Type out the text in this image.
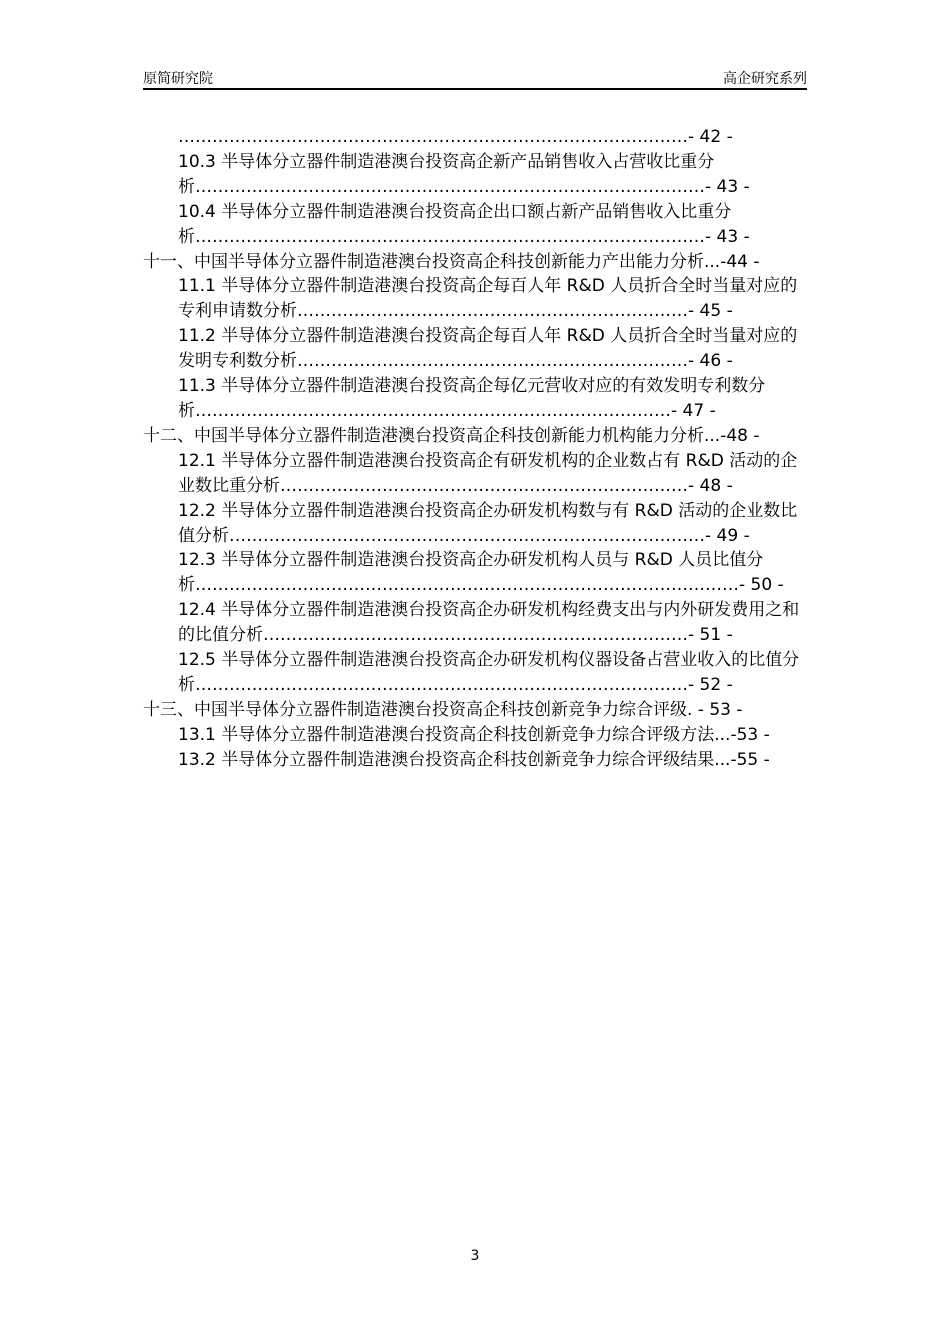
原简研究院	高企研究系列

………………………………………………………………………………- 42 -

10.3 半导体分立器件制造港澳台投资高企新产品销售收入占营收比重分析………………………………………………………………………………- 43 -

10.4 半导体分立器件制造港澳台投资高企出口额占新产品销售收入比重分析………………………………………………………………………………- 43 -

十一、中国半导体分立器件制造港澳台投资高企科技创新能力产出能力分析...-44 -

11.1 半导体分立器件制造港澳台投资高企每百人年 R&D 人员折合全时当量对应的专利申请数分析……………………………………………………………- 45 -

11.2 半导体分立器件制造港澳台投资高企每百人年 R&D 人员折合全时当量对应的发明专利数分析……………………………………………………………- 46 -

11.3 半导体分立器件制造港澳台投资高企每亿元营收对应的有效发明专利数分析…………………………………………………………………………- 47 -

十二、中国半导体分立器件制造港澳台投资高企科技创新能力机构能力分析...-48 -

12.1 半导体分立器件制造港澳台投资高企有研发机构的企业数占有 R&D 活动的企业数比重分析………………………………………………………………- 48 -

12.2 半导体分立器件制造港澳台投资高企办研发机构数与有 R&D 活动的企业数比值分析…………………………………………………………………………- 49 -

12.3 半导体分立器件制造港澳台投资高企办研发机构人员与 R&D 人员比值分析……………………………………………………………………………………- 50 -

12.4 半导体分立器件制造港澳台投资高企办研发机构经费支出与内外研发费用之和的比值分析…………………………………………………………………- 51 -

12.5 半导体分立器件制造港澳台投资高企办研发机构仪器设备占营业收入的比值分析……………………………………………………………………………- 52 -

十三、中国半导体分立器件制造港澳台投资高企科技创新竞争力综合评级. - 53 -

13.1 半导体分立器件制造港澳台投资高企科技创新竞争力综合评级方法...-53 -

13.2 半导体分立器件制造港澳台投资高企科技创新竞争力综合评级结果...-55 -

3
